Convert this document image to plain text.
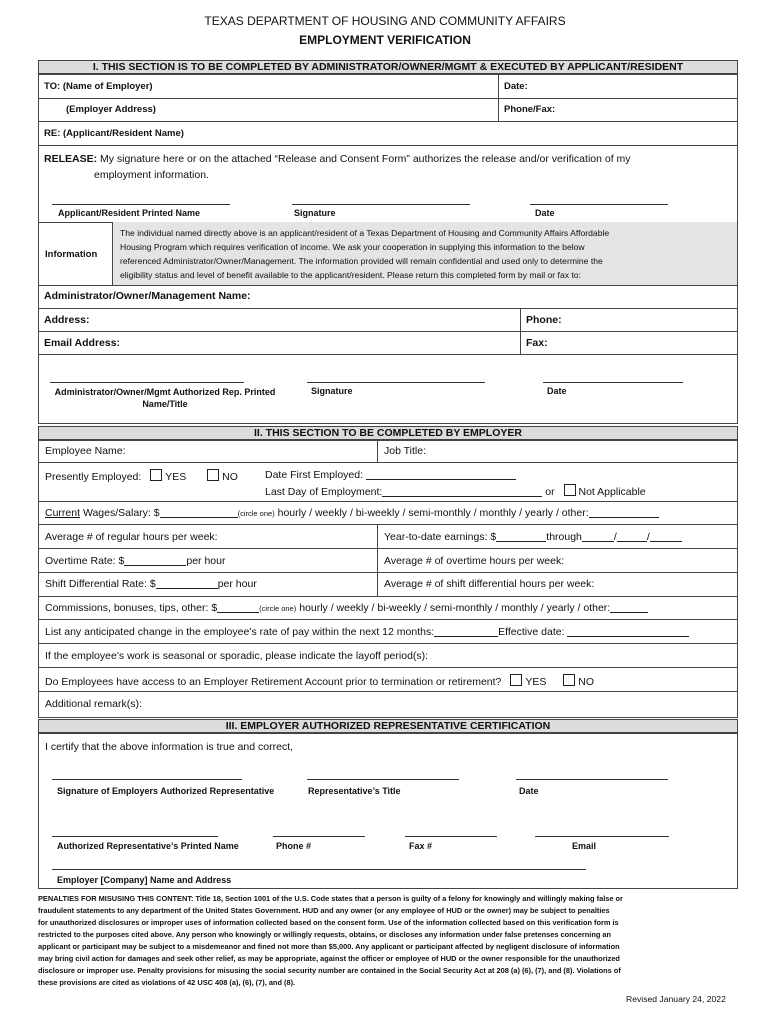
TEXAS DEPARTMENT OF HOUSING AND COMMUNITY AFFAIRS
EMPLOYMENT VERIFICATION
I. THIS SECTION IS TO BE COMPLETED BY ADMINISTRATOR/OWNER/MGMT & EXECUTED BY APPLICANT/RESIDENT
TO: (Name of Employer)	Date:
(Employer Address)	Phone/Fax:
RE: (Applicant/Resident Name)
RELEASE: My signature here or on the attached “Release and Consent Form” authorizes the release and/or verification of my
employment information.
Applicant/Resident Printed Name	Signature	Date
Information
The individual named directly above is an applicant/resident of a Texas Department of Housing and Community Affairs Affordable
Housing Program which requires verification of income. We ask your cooperation in supplying this information to the below
referenced Administrator/Owner/Management. The information provided will remain confidential and used only to determine the
eligibility status and level of benefit available to the applicant/resident. Please return this completed form by mail or fax to:
Administrator/Owner/Management Name:
Address:	Phone:
Email Address:	Fax:
Administrator/Owner/Mgmt Authorized Rep. Printed
Name/Title
Signature	Date
II. THIS SECTION TO BE COMPLETED BY EMPLOYER
Employee Name:	Job Title:
Presently Employed: YES	NO	Date First Employed:
Last Day of Employment:	or Not Applicable
Current Wages/Salary: $	(circle one) hourly / weekly / bi-weekly / semi-monthly / monthly / yearly / other:
Average # of regular hours per week:	Year-to-date earnings: $	through	/	/
Overtime Rate: $	per hour	Average # of overtime hours per week:
Shift Differential Rate: $	per hour	Average # of shift differential hours per week:
Commissions, bonuses, tips, other: $	(circle one) hourly / weekly / bi-weekly / semi-monthly / monthly / yearly / other:
List any anticipated change in the employee’s rate of pay within the next 12 months:	Effective date:
If the employee’s work is seasonal or sporadic, please indicate the layoff period(s):
Do Employees have access to an Employer Retirement Account prior to termination or retirement? YES	NO
Additional remark(s):
III. EMPLOYER AUTHORIZED REPRESENTATIVE CERTIFICATION
I certify that the above information is true and correct,
Signature of Employers Authorized Representative	Representative’s Title	Date
Authorized Representative’s Printed Name	Phone #	Fax #	Email
Employer [Company] Name and Address
PENALTIES FOR MISUSING THIS CONTENT: Title 18, Section 1001 of the U.S. Code states that a person is guilty of a felony for knowingly and willingly making false or
fraudulent statements to any department of the United States Government. HUD and any owner (or any employee of HUD or the owner) may be subject to penalties
for unauthorized disclosures or improper uses of information collected based on the consent form. Use of the information collected based on this verification form is
restricted to the purposes cited above. Any person who knowingly or willingly requests, obtains, or discloses any information under false pretenses concerning an
applicant or participant may be subject to a misdemeanor and fined not more than $5,000. Any applicant or participant affected by negligent disclosure of information
may bring civil action for damages and seek other relief, as may be appropriate, against the officer or employee of HUD or the owner responsible for the unauthorized
disclosure or improper use. Penalty provisions for misusing the social security number are contained in the Social Security Act at 208 (a) (6), (7), and (8). Violations of
these provisions are cited as violations of 42 USC 408 (a), (6), (7), and (8).
Revised January 24, 2022
